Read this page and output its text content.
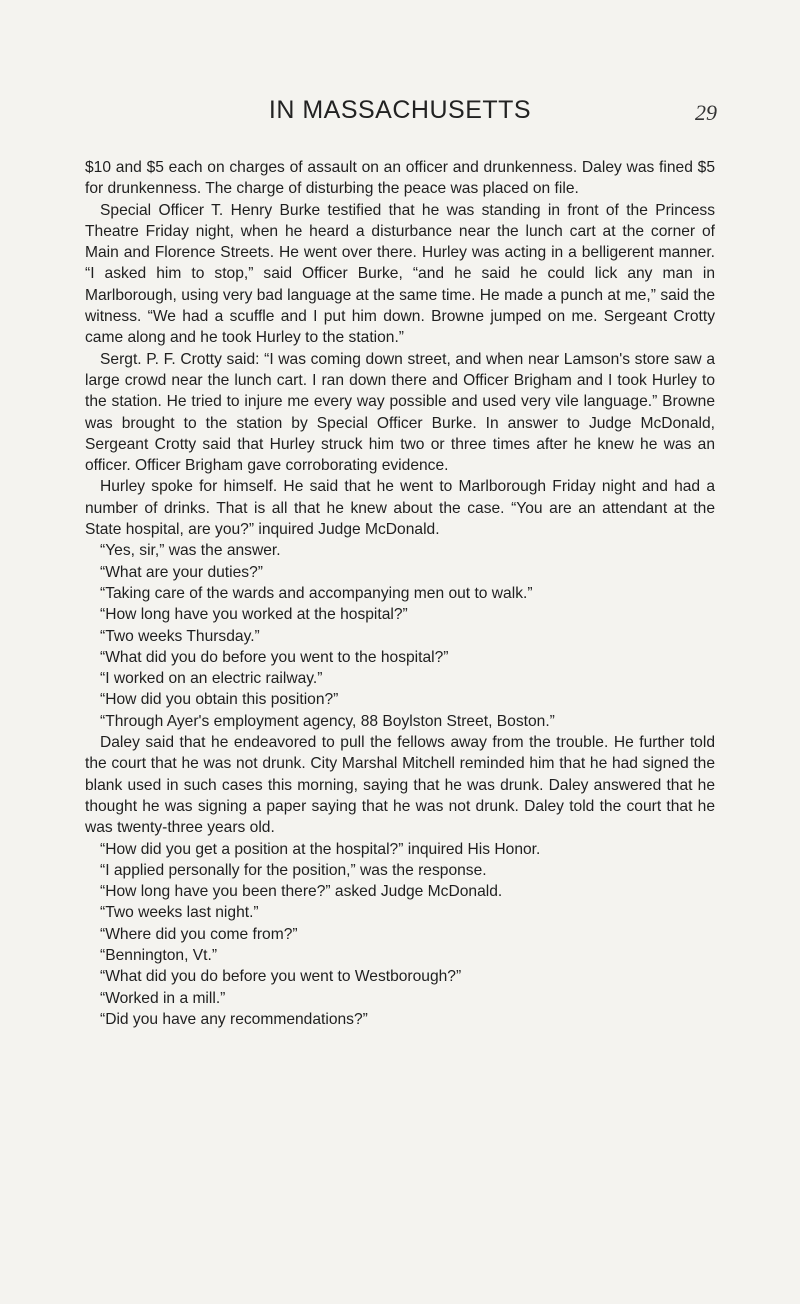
IN MASSACHUSETTS	29

$10 and $5 each on charges of assault on an officer and drunkenness. Daley was fined $5 for drunkenness. The charge of disturbing the peace was placed on file.

Special Officer T. Henry Burke testified that he was standing in front of the Princess Theatre Friday night, when he heard a disturbance near the lunch cart at the corner of Main and Florence Streets. He went over there. Hurley was acting in a belligerent manner. “I asked him to stop,” said Officer Burke, “and he said he could lick any man in Marlborough, using very bad language at the same time. He made a punch at me,” said the witness. “We had a scuffle and I put him down. Browne jumped on me. Sergeant Crotty came along and he took Hurley to the station.”

Sergt. P. F. Crotty said: “I was coming down street, and when near Lamson's store saw a large crowd near the lunch cart. I ran down there and Officer Brigham and I took Hurley to the station. He tried to injure me every way possible and used very vile language.” Browne was brought to the station by Special Officer Burke. In answer to Judge McDonald, Sergeant Crotty said that Hurley struck him two or three times after he knew he was an officer. Officer Brigham gave corroborating evidence.

Hurley spoke for himself. He said that he went to Marlborough Friday night and had a number of drinks. That is all that he knew about the case. “You are an attendant at the State hospital, are you?” inquired Judge McDonald.

“Yes, sir,” was the answer.

“What are your duties?”

“Taking care of the wards and accompanying men out to walk.”

“How long have you worked at the hospital?”

“Two weeks Thursday.”

“What did you do before you went to the hospital?”

“I worked on an electric railway.”

“How did you obtain this position?”

“Through Ayer's employment agency, 88 Boylston Street, Boston.”

Daley said that he endeavored to pull the fellows away from the trouble. He further told the court that he was not drunk. City Marshal Mitchell reminded him that he had signed the blank used in such cases this morning, saying that he was drunk. Daley answered that he thought he was signing a paper saying that he was not drunk. Daley told the court that he was twenty-three years old.

“How did you get a position at the hospital?” inquired His Honor.

“I applied personally for the position,” was the response.

“How long have you been there?” asked Judge McDonald.

“Two weeks last night.”

“Where did you come from?”

“Bennington, Vt.”

“What did you do before you went to Westborough?”

“Worked in a mill.”

“Did you have any recommendations?”
